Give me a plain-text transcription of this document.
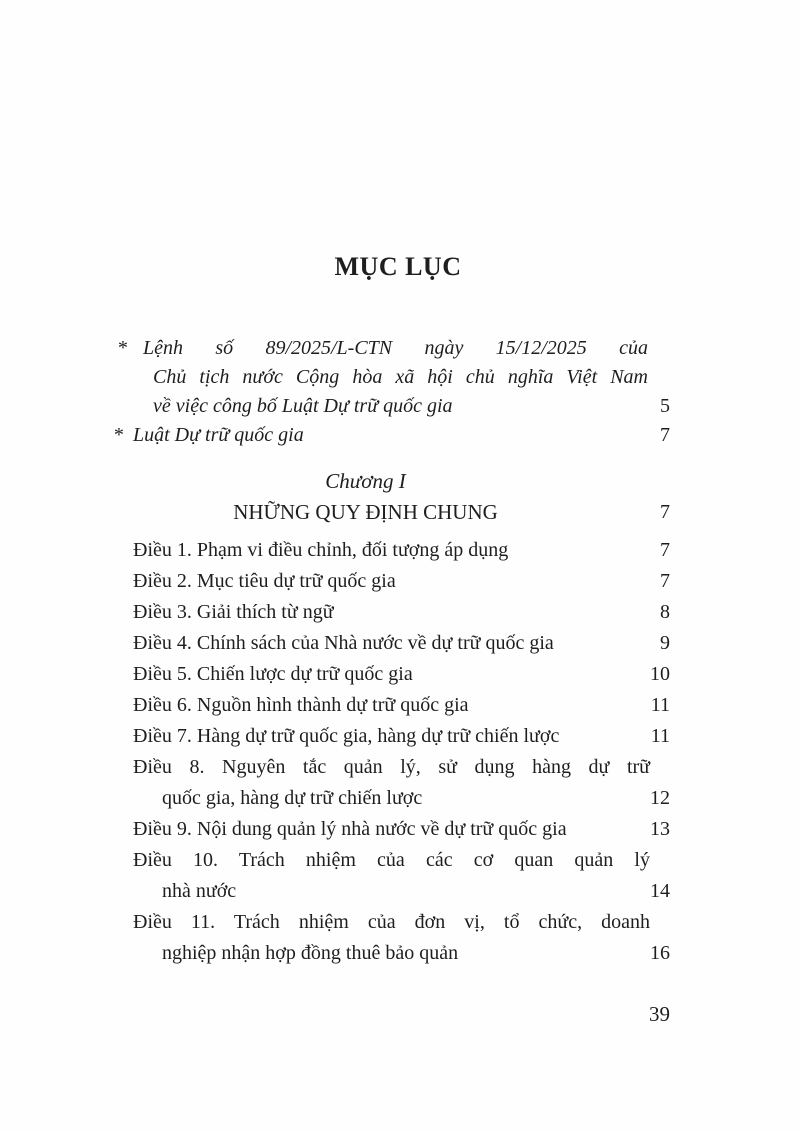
MỤC LỤC
* Lệnh số 89/2025/L-CTN ngày 15/12/2025 của
Chủ tịch nước Cộng hòa xã hội chủ nghĩa Việt Nam
về việc công bố Luật Dự trữ quốc gia	5
* Luật Dự trữ quốc gia	7
Chương I
NHỮNG QUY ĐỊNH CHUNG	7
Điều 1. Phạm vi điều chỉnh, đối tượng áp dụng	7
Điều 2. Mục tiêu dự trữ quốc gia	7
Điều 3. Giải thích từ ngữ	8
Điều 4. Chính sách của Nhà nước về dự trữ quốc gia	9
Điều 5. Chiến lược dự trữ quốc gia	10
Điều 6. Nguồn hình thành dự trữ quốc gia	11
Điều 7. Hàng dự trữ quốc gia, hàng dự trữ chiến lược	11
Điều 8. Nguyên tắc quản lý, sử dụng hàng dự trữ
quốc gia, hàng dự trữ chiến lược	12
Điều 9. Nội dung quản lý nhà nước về dự trữ quốc gia	13
Điều 10. Trách nhiệm của các cơ quan quản lý
nhà nước	14
Điều 11. Trách nhiệm của đơn vị, tổ chức, doanh
nghiệp nhận hợp đồng thuê bảo quản	16
39
